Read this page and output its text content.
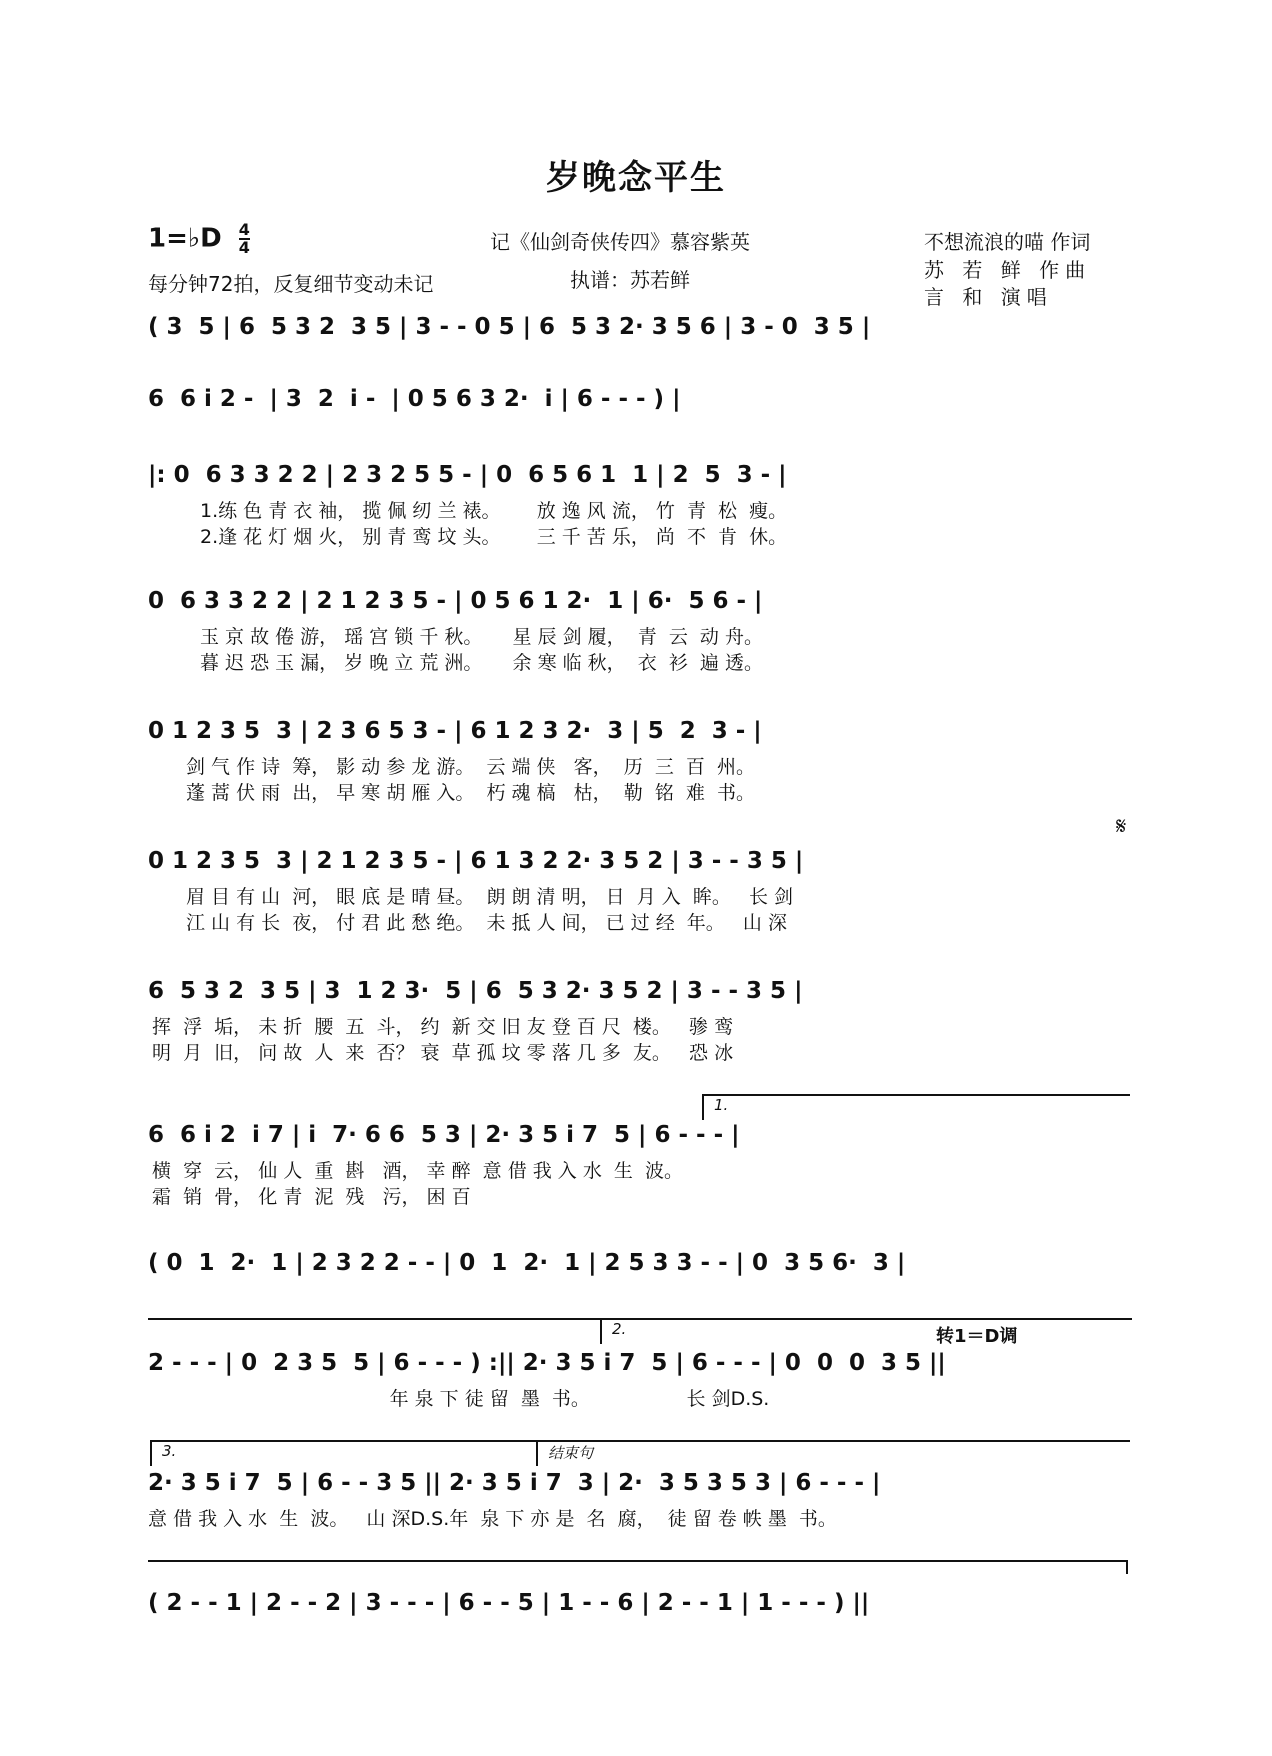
岁晚念平生
1=♭D $\frac{4}{4}$
每分钟72拍，反复细节变动未记
记《仙剑奇侠传四》慕容紫英
执谱：苏若鲜
不想流浪的喵 作词
苏 若 鲜 作曲
言 和 演唱
( 3  5 | 6  5 3 2  3 5 | 3 - - 0 5 | 6  5 3 2· 3 5 6 | 3 - 0  3 5 |
6  6 i 2 -  | 3  2  i -  | 0 5 6 3 2·  i | 6 - - - ) |
|: 0  6 3 3 2 2 | 2 3 2 5 5 - | 0  6 5 6 1  1 | 2  5  3 - |
1.练 色 青 衣 袖， 揽 佩 纫 兰 裱。      放 逸 风 流， 竹  青  松  瘦。
2.逢 花 灯 烟 火， 别 青 鸾 坟 头。      三 千 苦 乐， 尚  不  肯  休。
0  6 3 3 2 2 | 2 1 2 3 5 - | 0 5 6 1 2·  1 | 6·  5 6 - |
玉 京 故 倦 游， 瑶 宫 锁 千 秋。     星 辰 剑 履，  青  云  动 舟。
暮 迟 恐 玉 漏， 岁 晚 立 荒 洲。     余 寒 临 秋，  衣  衫  遍 透。
0 1 2 3 5  3 | 2 3 6 5 3 - | 6 1 2 3 2·  3 | 5  2  3 - |
剑 气 作 诗  筹， 影 动 参 龙 游。  云 端 侠   客，  历  三  百  州。
蓬 蒿 伏 雨  出， 早 寒 胡 雁 入。  朽 魂 槁   枯，  勒  铭  难  书。
𝄋
0 1 2 3 5  3 | 2 1 2 3 5 - | 6 1 3 2 2· 3 5 2 | 3 - - 3 5 |
眉 目 有 山  河， 眼 底 是 晴 昼。  朗 朗 清 明， 日  月 入  眸。   长 剑
江 山 有 长  夜， 付 君 此 愁 绝。  未 抵 人 间， 已 过 经  年。   山 深
6  5 3 2  3 5 | 3  1 2 3·  5 | 6  5 3 2· 3 5 2 | 3 - - 3 5 |
挥  浮  垢， 未 折  腰  五  斗， 约  新 交 旧 友 登 百 尺  楼。   骖 鸾
明  月  旧， 问 故  人  来  否？ 衰  草 孤 坟 零 落 几 多  友。   恐 冰
1.
6  6 i 2  i 7 | i  7· 6 6  5 3 | 2· 3 5 i 7  5 | 6 - - - |
横  穿  云， 仙 人  重  斟   酒， 幸 醉  意 借 我 入 水  生  波。
霜  销  骨， 化 青  泥  残   污， 困 百
( 0  1  2·  1 | 2 3 2 2 - - | 0  1  2·  1 | 2 5 3 3 - - | 0  3 5 6·  3 |
2.	转1＝D调
2 - - - | 0  2 3 5  5 | 6 - - - ) :|| 2· 3 5 i 7  5 | 6 - - - | 0  0  0  3 5 ||
年 泉 下 徒 留  墨  书。                长 剑D.S.
3.	结束句
2· 3 5 i 7  5 | 6 - - 3 5 || 2· 3 5 i 7  3 | 2·  3 5 3 5 3 | 6 - - - |
意 借 我 入 水  生  波。   山 深D.S.年  泉 下 亦 是  名  腐，  徒 留 卷 帙 墨  书。
( 2 - - 1 | 2 - - 2 | 3 - - - | 6 - - 5 | 1 - - 6 | 2 - - 1 | 1 - - - ) ||
